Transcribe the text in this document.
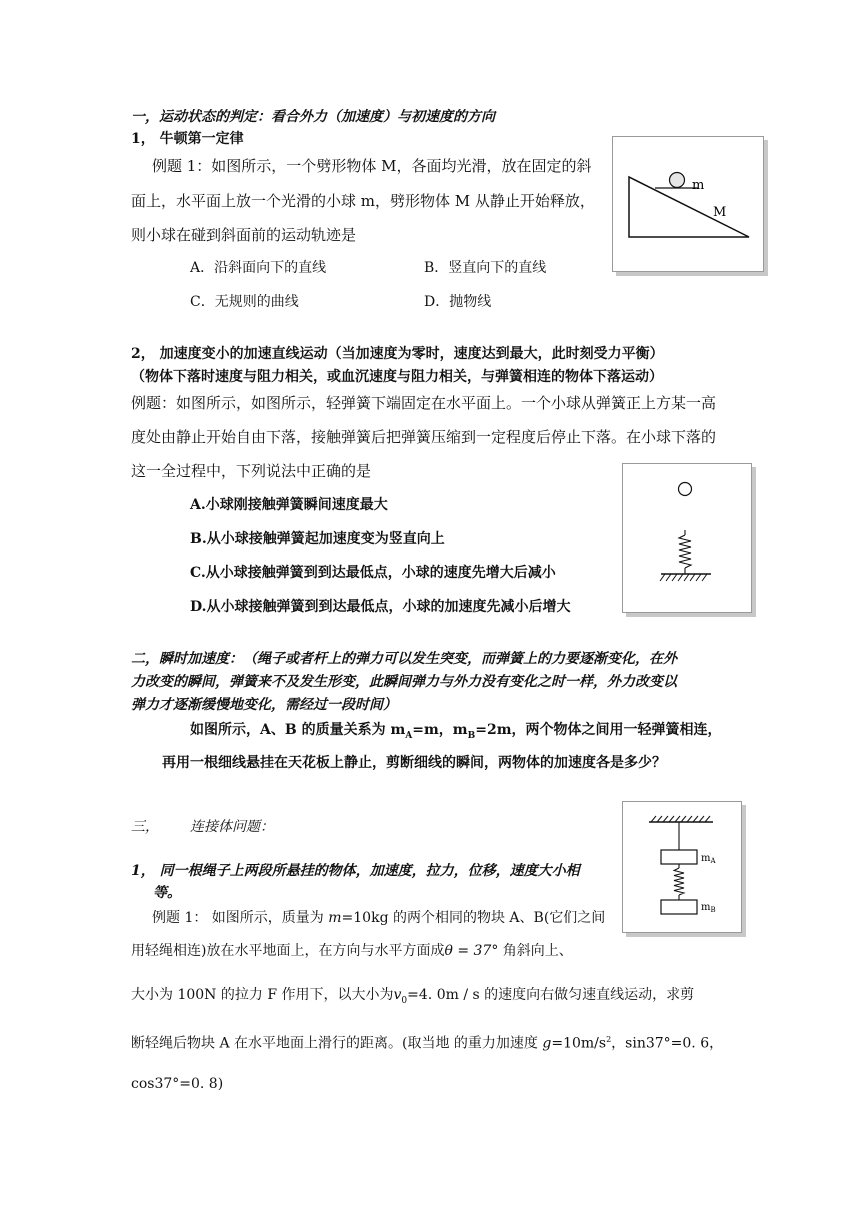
一，运动状态的判定：看合外力（加速度）与初速度的方向
1， 牛顿第一定律
例题 1：如图所示，一个劈形物体 M，各面均光滑，放在固定的斜
面上，水平面上放一个光滑的小球 m，劈形物体 M 从静止开始释放，
则小球在碰到斜面前的运动轨迹是
A．沿斜面向下的直线	B．竖直向下的直线
C．无规则的曲线	D．抛物线
m
M
2， 加速度变小的加速直线运动（当加速度为零时，速度达到最大，此时刻受力平衡）
（物体下落时速度与阻力相关，或血沉速度与阻力相关，与弹簧相连的物体下落运动）
例题：如图所示，如图所示，轻弹簧下端固定在水平面上。一个小球从弹簧正上方某一高
度处由静止开始自由下落，接触弹簧后把弹簧压缩到一定程度后停止下落。在小球下落的
这一全过程中，下列说法中正确的是
A.小球刚接触弹簧瞬间速度最大
B.从小球接触弹簧起加速度变为竖直向上
C.从小球接触弹簧到到达最低点，小球的速度先增大后减小
D.从小球接触弹簧到到达最低点，小球的加速度先减小后增大
二，瞬时加速度：（绳子或者杆上的弹力可以发生突变，而弹簧上的力要逐渐变化，在外
力改变的瞬间，弹簧来不及发生形变，此瞬间弹力与外力没有变化之时一样，外力改变以
弹力才逐渐缓慢地变化，需经过一段时间）
如图所示，A、B 的质量关系为 $m_A=m$，$m_B=2m$，两个物体之间用一轻弹簧相连，
再用一根细线悬挂在天花板上静止，剪断细线的瞬间，两物体的加速度各是多少？
$m_A$
$m_B$
三， 连接体问题：
1， 同一根绳子上两段所悬挂的物体，加速度，拉力，位移，速度大小相
等。
例题 1： 如图所示，质量为 m=10kg 的两个相同的物块 A、B(它们之间
用轻绳相连)放在水平地面上，在方向与水平方面成θ = 37° 角斜向上、
大小为 100N 的拉力 F 作用下，以大小为$v_0=4$. 0m / s 的速度向右做匀速直线运动，求剪
断轻绳后物块 A 在水平地面上滑行的距离。(取当地 的重力加速度 $g=10m/s^2$，sin37°=0. 6，
cos37°=0. 8)
